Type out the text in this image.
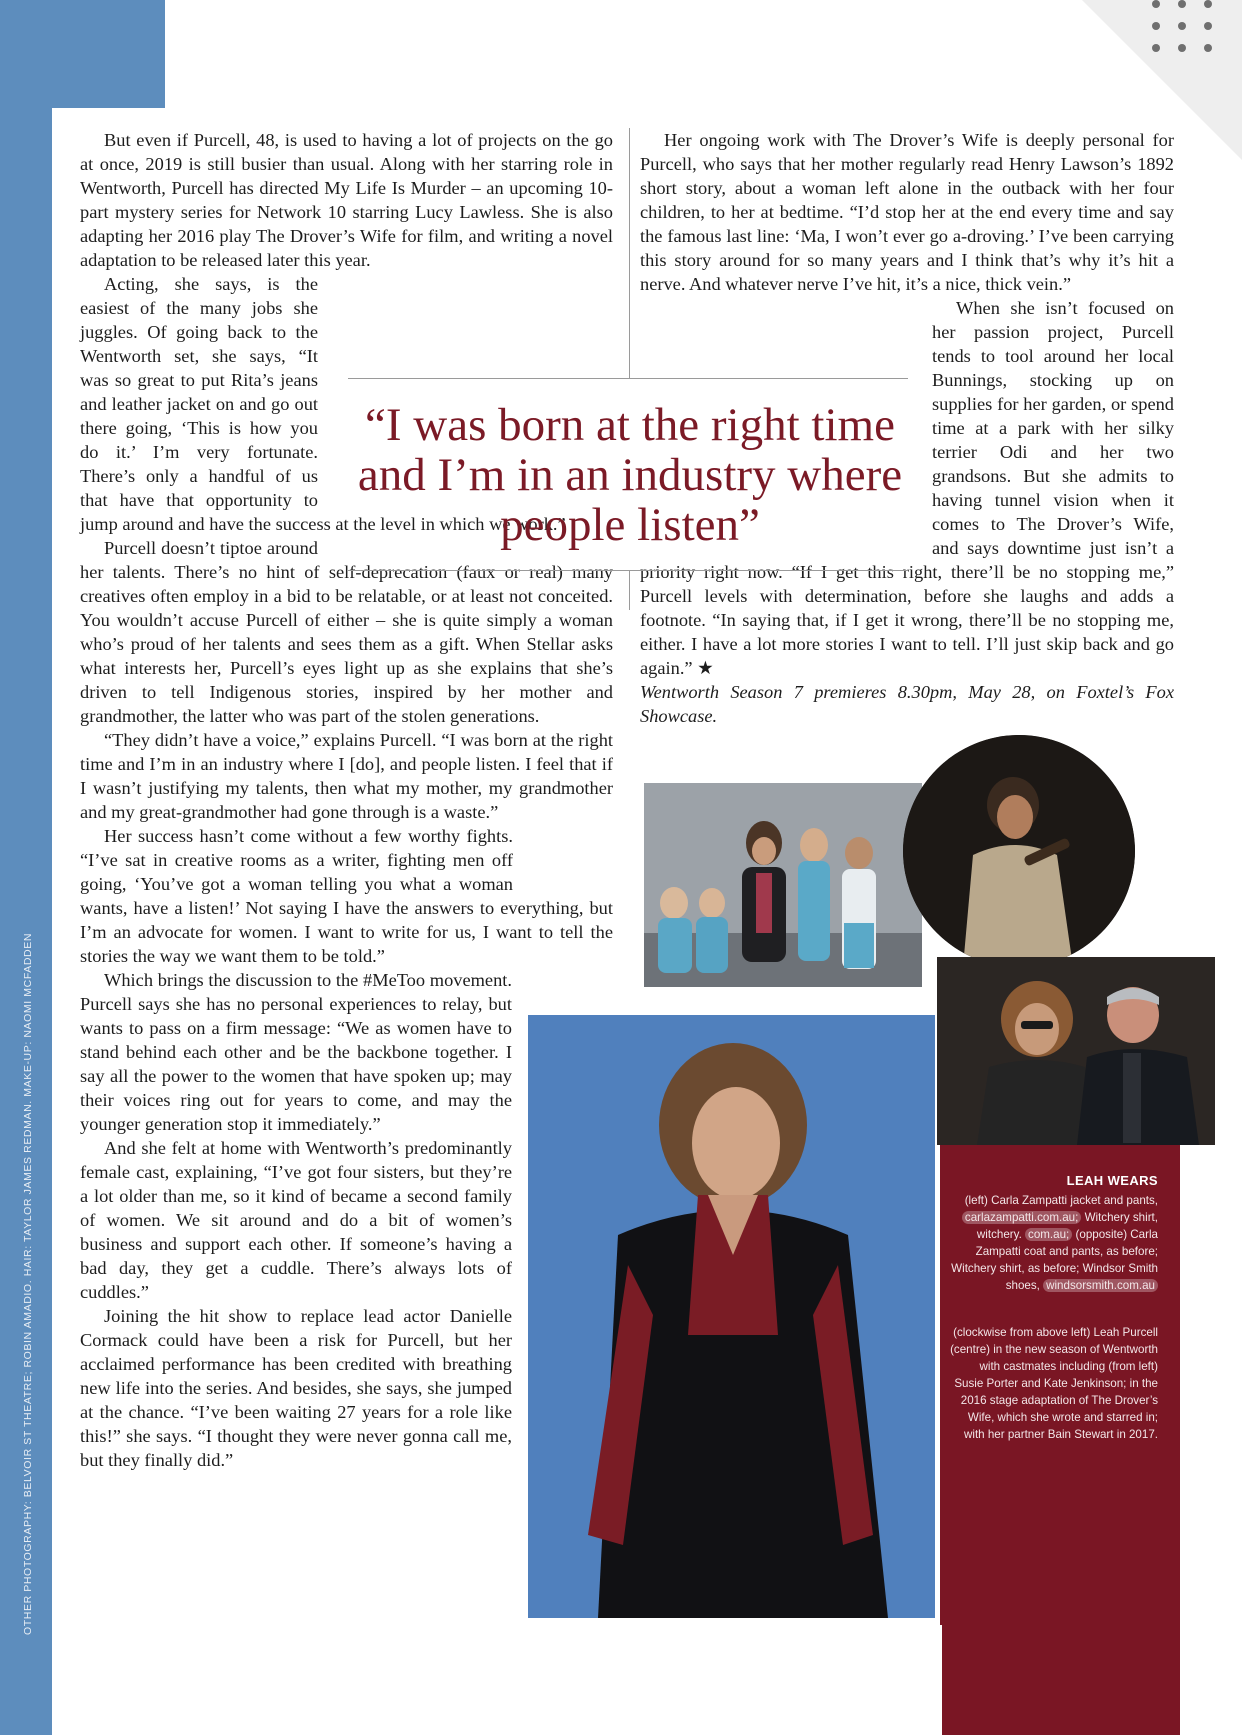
OTHER PHOTOGRAPHY: BELVOIR ST THEATRE; ROBIN AMADIO. HAIR: TAYLOR JAMES REDMAN. MAKE-UP: NAOMI MCFADDEN

But even if Purcell, 48, is used to having a lot of projects on the go at once, 2019 is still busier than usual. Along with her starring role in Wentworth, Purcell has directed My Life Is Murder – an upcoming 10-part mystery series for Network 10 starring Lucy Lawless. She is also adapting her 2016 play The Drover’s Wife for film, and writing a novel adaptation to be released later this year.

Acting, she says, is the easiest of the many jobs she juggles. Of going back to the Wentworth set, she says, “It was so great to put Rita’s jeans and leather jacket on and go out there going, ‘This is how you do it.’ I’m very fortunate. There’s only a handful of us that have that opportunity to jump around and have the success at the level in which we work.”

Purcell doesn’t tiptoe around her talents. There’s no hint of self-deprecation (faux or real) many creatives often employ in a bid to be relatable, or at least not conceited. You wouldn’t accuse Purcell of either – she is quite simply a woman who’s proud of her talents and sees them as a gift. When Stellar asks what interests her, Purcell’s eyes light up as she explains that she’s driven to tell Indigenous stories, inspired by her mother and grandmother, the latter who was part of the stolen generations.

“They didn’t have a voice,” explains Purcell. “I was born at the right time and I’m in an industry where I [do], and people listen. I feel that if I wasn’t justifying my talents, then what my mother, my grandmother and my great-grandmother had gone through is a waste.”

Her success hasn’t come without a few worthy fights. “I’ve sat in creative rooms as a writer, fighting men off going, ‘You’ve got a woman telling you what a woman wants, have a listen!’ Not saying I have the answers to everything, but I’m an advocate for women. I want to write for us, I want to tell the stories the way we want them to be told.”

Which brings the discussion to the #MeToo movement. Purcell says she has no personal experiences to relay, but wants to pass on a firm message: “We as women have to stand behind each other and be the backbone together. I say all the power to the women that have spoken up; may their voices ring out for years to come, and may the younger generation stop it immediately.”

And she felt at home with Wentworth’s predominantly female cast, explaining, “I’ve got four sisters, but they’re a lot older than me, so it kind of became a second family of women. We sit around and do a bit of women’s business and support each other. If someone’s having a bad day, they get a cuddle. There’s always lots of cuddles.”

Joining the hit show to replace lead actor Danielle Cormack could have been a risk for Purcell, but her acclaimed performance has been credited with breathing new life into the series. And besides, she says, she jumped at the chance. “I’ve been waiting 27 years for a role like this!” she says. “I thought they were never gonna call me, but they finally did.”

Her ongoing work with The Drover’s Wife is deeply personal for Purcell, who says that her mother regularly read Henry Lawson’s 1892 short story, about a woman left alone in the outback with her four children, to her at bedtime. “I’d stop her at the end every time and say the famous last line: ‘Ma, I won’t ever go a-droving.’ I’ve been carrying this story around for so many years and I think that’s why it’s hit a nerve. And whatever nerve I’ve hit, it’s a nice, thick vein.”

When she isn’t focused on her passion project, Purcell tends to tool around her local Bunnings, stocking up on supplies for her garden, or spend time at a park with her silky terrier Odi and her two grandsons. But she admits to having tunnel vision when it comes to The Drover’s Wife, and says downtime just isn’t a priority right now. “If I get this right, there’ll be no stopping me,” Purcell levels with determination, before she laughs and adds a footnote. “In saying that, if I get it wrong, there’ll be no stopping me, either. I have a lot more stories I want to tell. I’ll just skip back and go again.” ★

Wentworth Season 7 premieres 8.30pm, May 28, on Foxtel’s Fox Showcase.

“I was born at the right time and I’m in an industry where people listen”
LEAH WEARS
(left) Carla Zampatti jacket and pants, carlazampatti.com.au; Witchery shirt, witchery. com.au; (opposite) Carla Zampatti coat and pants, as before; Witchery shirt, as before; Windsor Smith shoes, windsorsmith.com.au
(clockwise from above left) Leah Purcell (centre) in the new season of Wentworth with castmates including (from left) Susie Porter and Kate Jenkinson; in the 2016 stage adaptation of The Drover’s Wife, which she wrote and starred in; with her partner Bain Stewart in 2017.
